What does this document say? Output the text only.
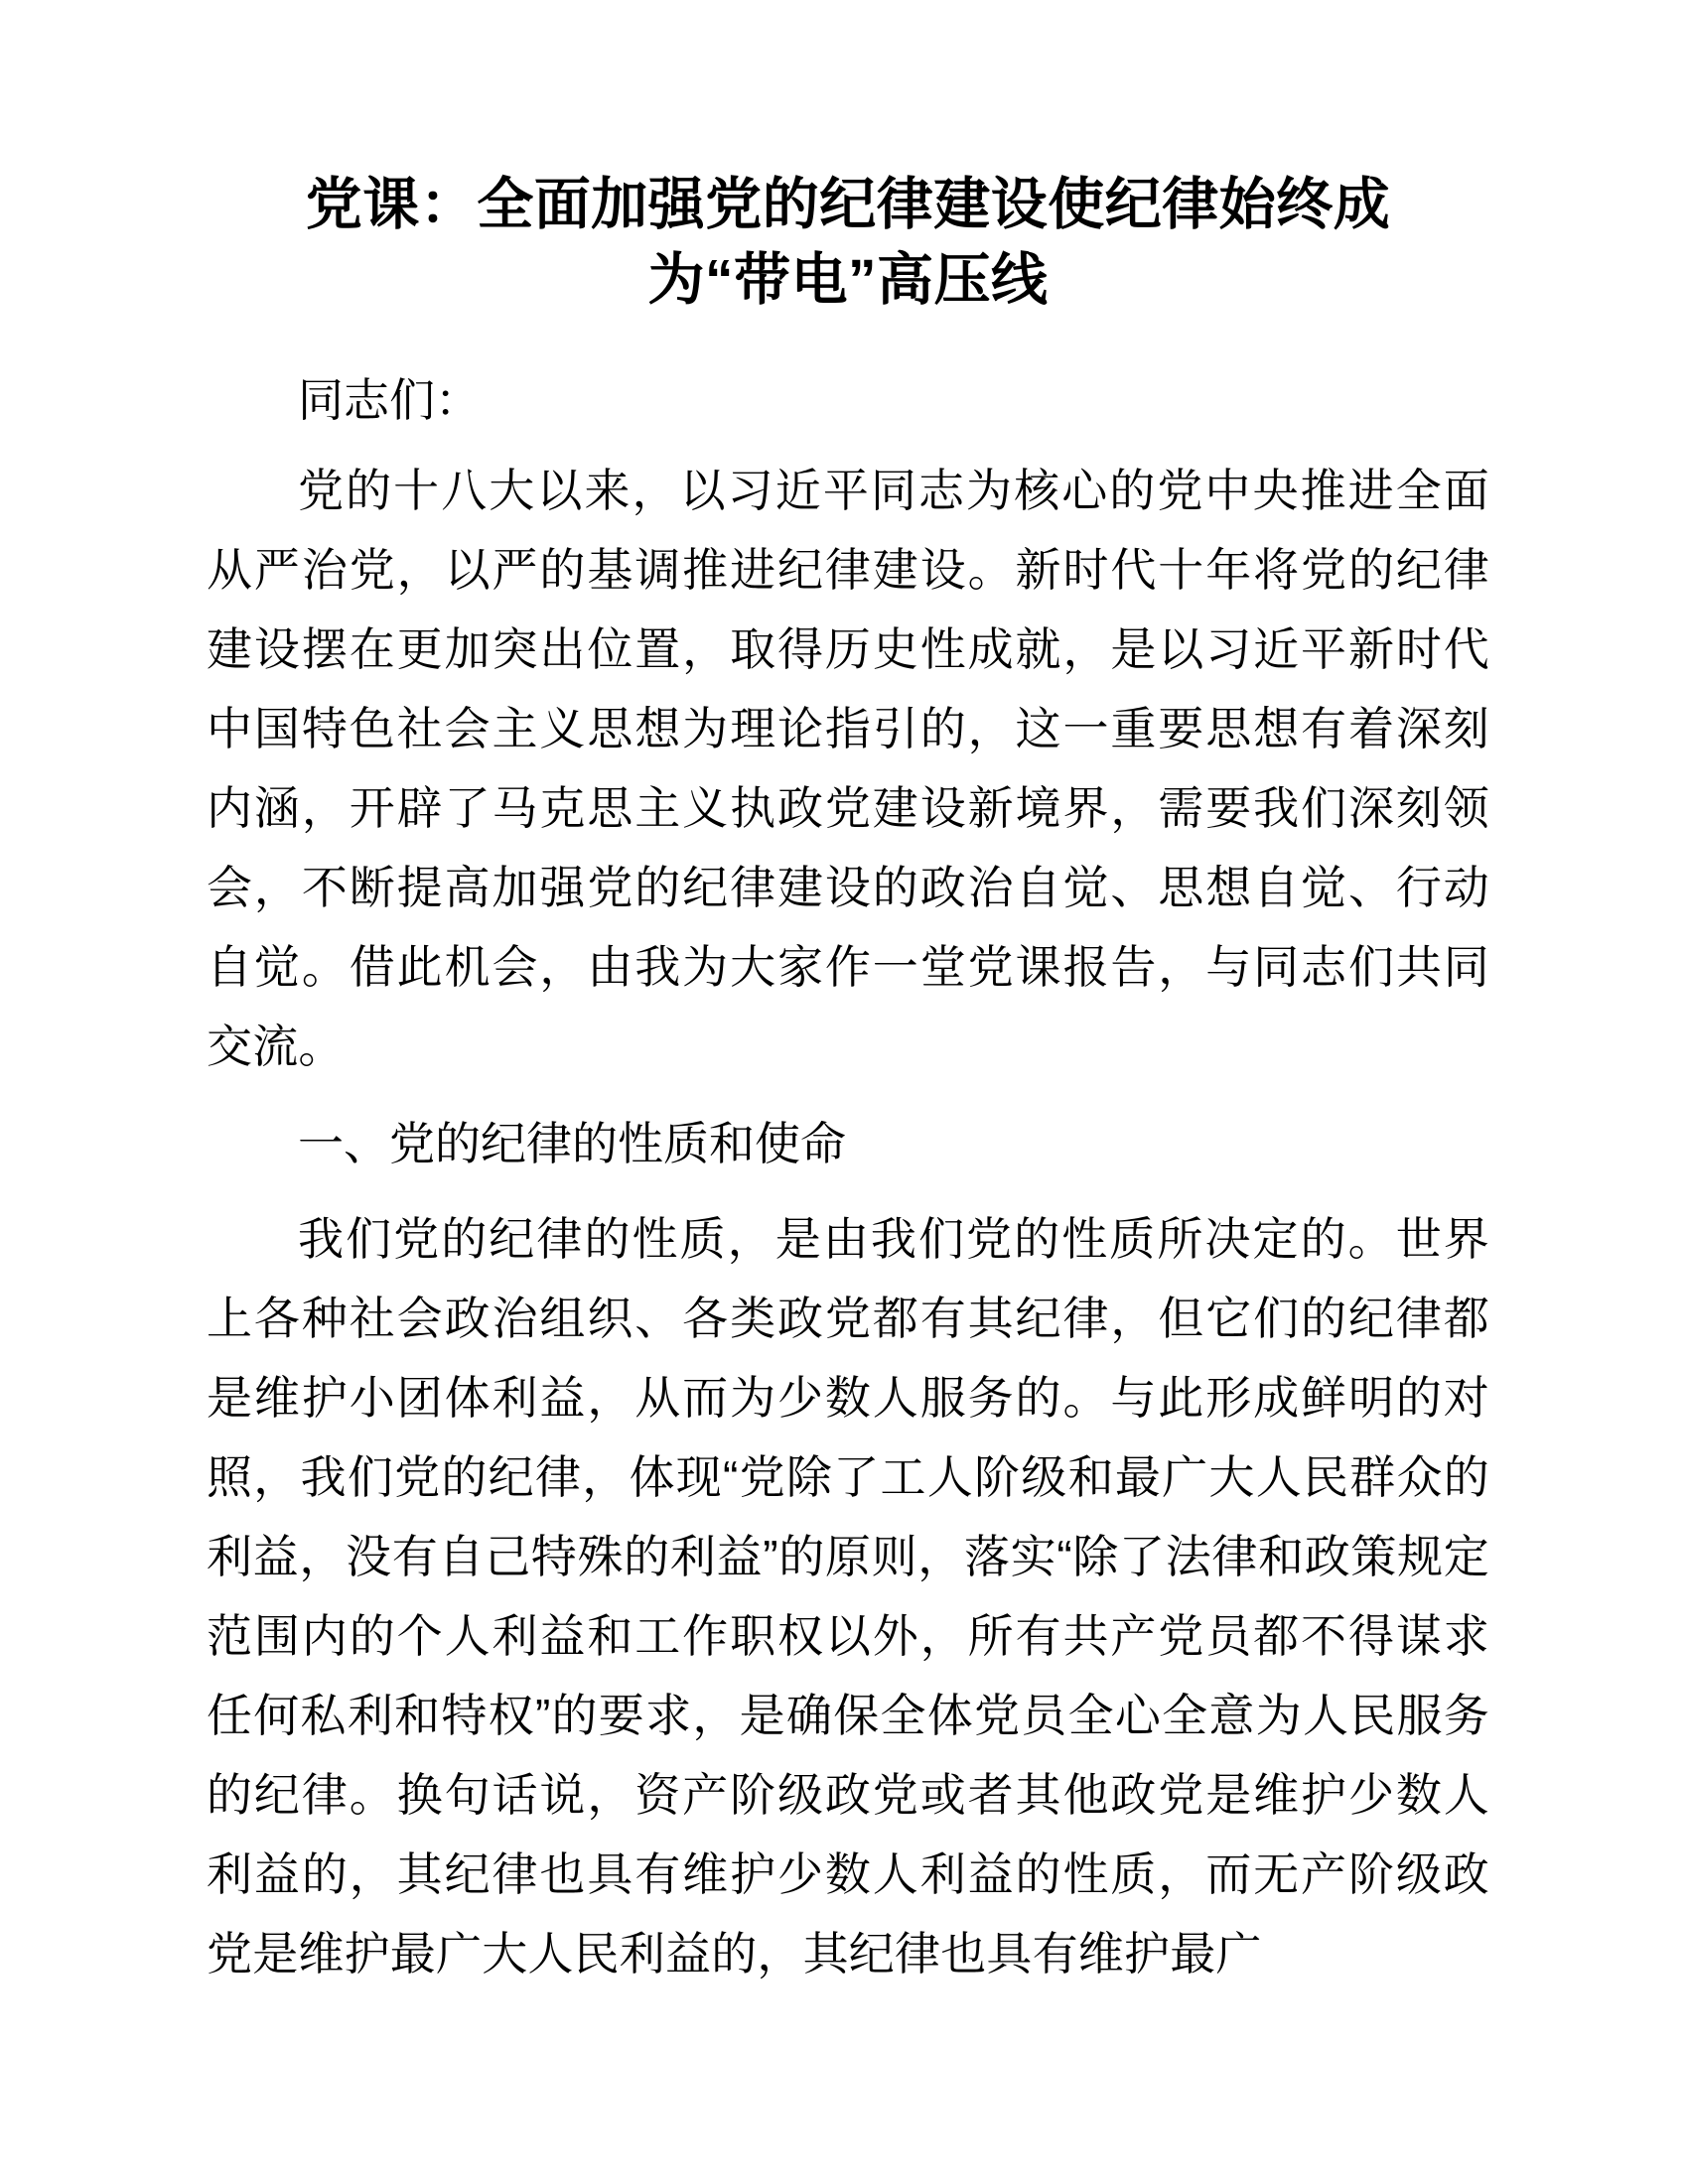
党课：全面加强党的纪律建设使纪律始终成
为“带电”高压线

同志们：

党的十八大以来，以习近平同志为核心的党中央推进全面从严治党，以严的基调推进纪律建设。新时代十年将党的纪律建设摆在更加突出位置，取得历史性成就，是以习近平新时代中国特色社会主义思想为理论指引的，这一重要思想有着深刻内涵，开辟了马克思主义执政党建设新境界，需要我们深刻领会，不断提高加强党的纪律建设的政治自觉、思想自觉、行动自觉。借此机会，由我为大家作一堂党课报告，与同志们共同交流。

一、党的纪律的性质和使命

我们党的纪律的性质，是由我们党的性质所决定的。世界上各种社会政治组织、各类政党都有其纪律，但它们的纪律都是维护小团体利益，从而为少数人服务的。与此形成鲜明的对照，我们党的纪律，体现“党除了工人阶级和最广大人民群众的利益，没有自己特殊的利益”的原则，落实“除了法律和政策规定范围内的个人利益和工作职权以外，所有共产党员都不得谋求任何私利和特权”的要求，是确保全体党员全心全意为人民服务的纪律。换句话说，资产阶级政党或者其他政党是维护少数人利益的，其纪律也具有维护少数人利益的性质，而无产阶级政党是维护最广大人民利益的，其纪律也具有维护最广
